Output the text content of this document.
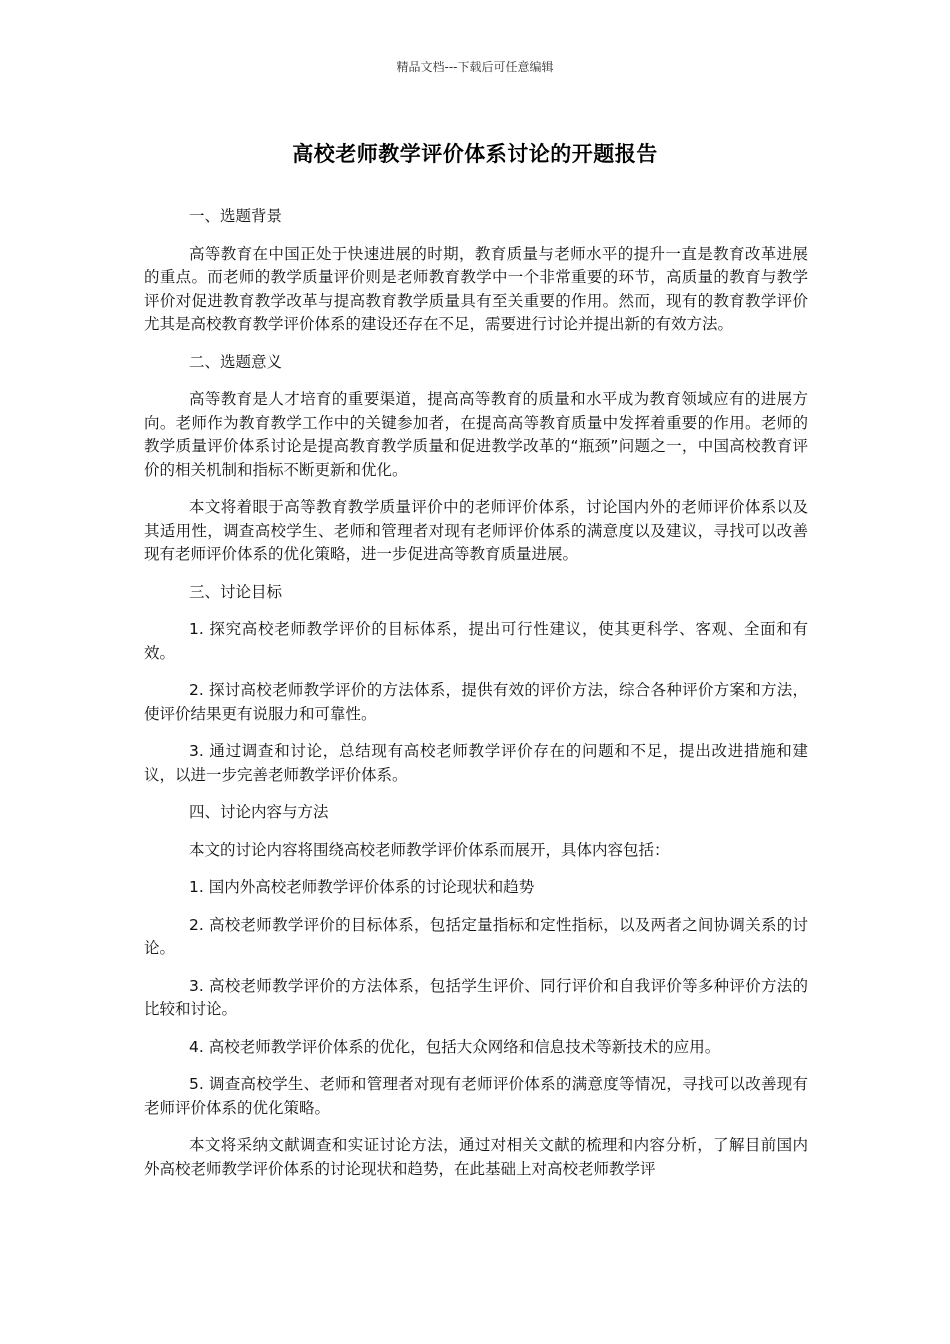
精品文档---下载后可任意编辑
高校老师教学评价体系讨论的开题报告
一、选题背景

高等教育在中国正处于快速进展的时期，教育质量与老师水平的提升一直是教育改革进展的重点。而老师的教学质量评价则是老师教育教学中一个非常重要的环节，高质量的教育与教学评价对促进教育教学改革与提高教育教学质量具有至关重要的作用。然而，现有的教育教学评价尤其是高校教育教学评价体系的建设还存在不足，需要进行讨论并提出新的有效方法。

二、选题意义

高等教育是人才培育的重要渠道，提高高等教育的质量和水平成为教育领域应有的进展方向。老师作为教育教学工作中的关键参加者，在提高高等教育质量中发挥着重要的作用。老师的教学质量评价体系讨论是提高教育教学质量和促进教学改革的“瓶颈”问题之一，中国高校教育评价的相关机制和指标不断更新和优化。

本文将着眼于高等教育教学质量评价中的老师评价体系，讨论国内外的老师评价体系以及其适用性，调查高校学生、老师和管理者对现有老师评价体系的满意度以及建议，寻找可以改善现有老师评价体系的优化策略，进一步促进高等教育质量进展。

三、讨论目标

1. 探究高校老师教学评价的目标体系，提出可行性建议，使其更科学、客观、全面和有效。

2. 探讨高校老师教学评价的方法体系，提供有效的评价方法，综合各种评价方案和方法，使评价结果更有说服力和可靠性。

3. 通过调查和讨论，总结现有高校老师教学评价存在的问题和不足，提出改进措施和建议，以进一步完善老师教学评价体系。

四、讨论内容与方法

本文的讨论内容将围绕高校老师教学评价体系而展开，具体内容包括：

1. 国内外高校老师教学评价体系的讨论现状和趋势

2. 高校老师教学评价的目标体系，包括定量指标和定性指标，以及两者之间协调关系的讨论。

3. 高校老师教学评价的方法体系，包括学生评价、同行评价和自我评价等多种评价方法的比较和讨论。

4. 高校老师教学评价体系的优化，包括大众网络和信息技术等新技术的应用。

5. 调查高校学生、老师和管理者对现有老师评价体系的满意度等情况，寻找可以改善现有老师评价体系的优化策略。

本文将采纳文献调查和实证讨论方法，通过对相关文献的梳理和内容分析，了解目前国内外高校老师教学评价体系的讨论现状和趋势，在此基础上对高校老师教学评
